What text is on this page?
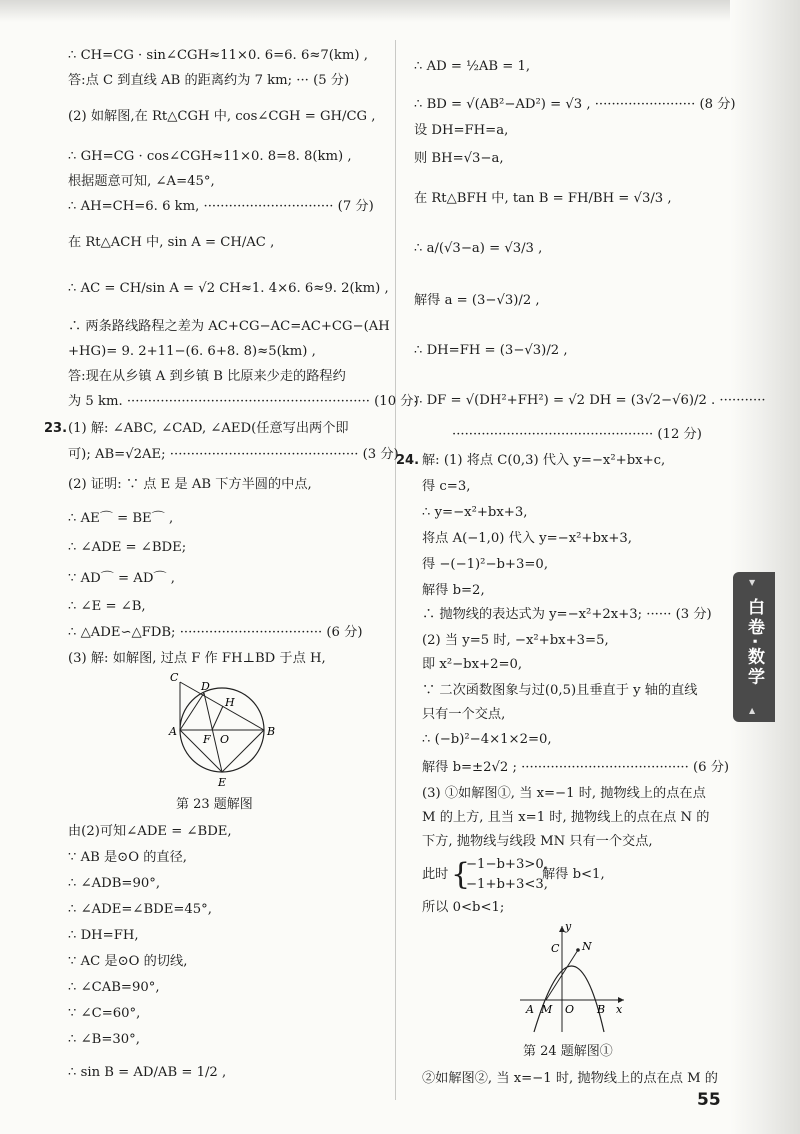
∴ CH=CG · sin∠CGH≈11×0. 6=6. 6≈7(km) ,
答:点 C 到直线 AB 的距离约为 7 km; ··· (5 分)
(2) 如解图,在 Rt△CGH 中, cos∠CGH = GH/CG ,
∴ GH=CG · cos∠CGH≈11×0. 8=8. 8(km) ,
根据题意可知, ∠A=45°,
∴ AH=CH=6. 6 km, ······························· (7 分)
在 Rt△ACH 中, sin A = CH/AC ,
∴ AC = CH/sin A = √2 CH≈1. 4×6. 6≈9. 2(km) ,
∴ 两条路线路程之差为 AC+CG−AC=AC+CG−(AH
+HG)= 9. 2+11−(6. 6+8. 8)≈5(km) ,
答:现在从乡镇 A 到乡镇 B 比原来少走的路程约
为 5 km. ·························································· (10 分)
23. (1) 解: ∠ABC, ∠CAD, ∠AED(任意写出两个即
可); AB=√2AE; ············································· (3 分)
(2) 证明: ∵ 点 E 是 AB 下方半圆的中点,
∴ AE⌒ = BE⌒ ,
∴ ∠ADE = ∠BDE;
∵ AD⌒ = AD⌒ ,
∴ ∠E = ∠B,
∴ △ADE∽△FDB; ·································· (6 分)
(3) 解: 如解图, 过点 F 作 FH⊥BD 于点 H,
C
D
H
A
F O
B
E
第 23 题解图
由(2)可知∠ADE = ∠BDE,
∵ AB 是⊙O 的直径,
∴ ∠ADB=90°,
∴ ∠ADE=∠BDE=45°,
∴ DH=FH,
∵ AC 是⊙O 的切线,
∴ ∠CAB=90°,
∵ ∠C=60°,
∴ ∠B=30°,
∴ sin B = AD/AB = 1/2 ,
∴ AD = ½AB = 1,
∴ BD = √(AB²−AD²) = √3 , ························ (8 分)
设 DH=FH=a,
则 BH=√3−a,
在 Rt△BFH 中, tan B = FH/BH = √3/3 ,
∴ a/(√3−a) = √3/3 ,
解得 a = (3−√3)/2 ,
∴ DH=FH = (3−√3)/2 ,
∴ DF = √(DH²+FH²) = √2 DH = (3√2−√6)/2 . ···········
················································ (12 分)
24. 解: (1) 将点 C(0,3) 代入 y=−x²+bx+c,
得 c=3,
∴ y=−x²+bx+3,
将点 A(−1,0) 代入 y=−x²+bx+3,
得 −(−1)²−b+3=0,
解得 b=2,
∴ 抛物线的表达式为 y=−x²+2x+3; ······ (3 分)
(2) 当 y=5 时, −x²+bx+3=5,
即 x²−bx+2=0,
∵ 二次函数图象与过(0,5)且垂直于 y 轴的直线
只有一个交点,
∴ (−b)²−4×1×2=0,
解得 b=±2√2 ; ········································ (6 分)
(3) ①如解图①, 当 x=−1 时, 抛物线上的点在点
M 的上方, 且当 x=1 时, 抛物线上的点在点 N 的
下方, 抛物线与线段 MN 只有一个交点,
此时 {
−1−b+3>0,
−1+b+3<3,
解得 b<1,
所以 0<b<1;
y
C N
A M O B x
第 24 题解图①
②如解图②, 当 x=−1 时, 抛物线上的点在点 M 的
▼
白卷·数学
▲
55
